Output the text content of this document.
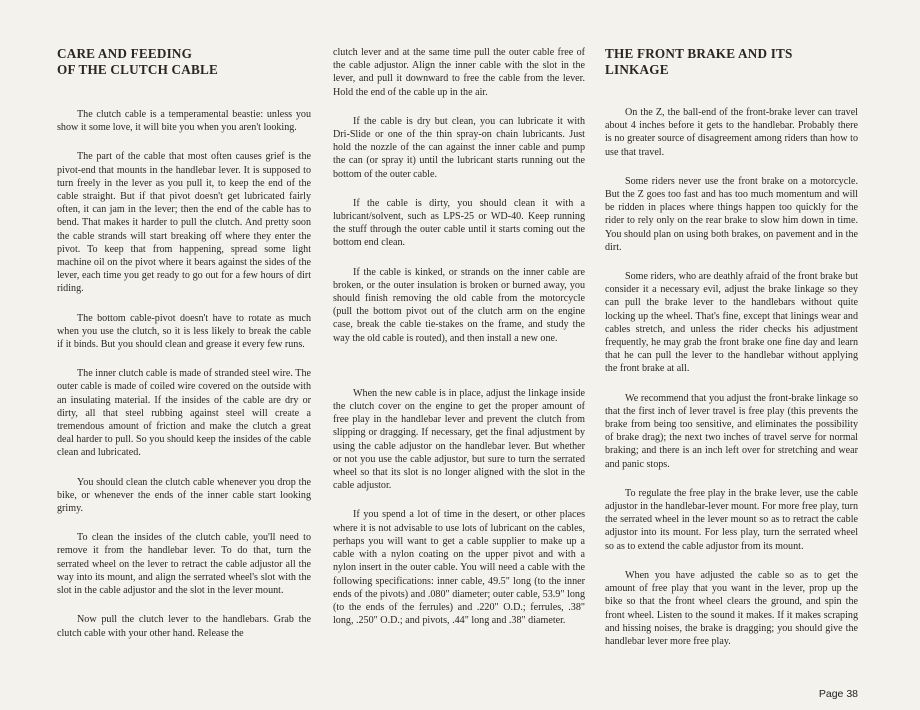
CARE AND FEEDING
OF THE CLUTCH CABLE

The clutch cable is a temperamental beastie: unless you show it some love, it will bite you when you aren't looking.

The part of the cable that most often causes grief is the pivot-end that mounts in the handlebar lever. It is supposed to turn freely in the lever as you pull it, to keep the end of the cable straight. But if that pivot doesn't get lubricated fairly often, it can jam in the lever; then the end of the cable has to bend. That makes it harder to pull the clutch. And pretty soon the cable strands will start breaking off where they enter the pivot. To keep that from happening, spread some light machine oil on the pivot where it bears against the sides of the lever, each time you get ready to go out for a few hours of dirt riding.

The bottom cable-pivot doesn't have to rotate as much when you use the clutch, so it is less likely to break the cable if it binds. But you should clean and grease it every few runs.

The inner clutch cable is made of stranded steel wire. The outer cable is made of coiled wire covered on the outside with an insulating material. If the insides of the cable are dry or dirty, all that steel rubbing against steel will create a tremendous amount of friction and make the clutch a great deal harder to pull. So you should keep the insides of the cable clean and lubricated.

You should clean the clutch cable whenever you drop the bike, or whenever the ends of the inner cable start looking grimy.

To clean the insides of the clutch cable, you'll need to remove it from the handlebar lever. To do that, turn the serrated wheel on the lever to retract the cable adjustor all the way into its mount, and align the serrated wheel's slot with the slot in the cable adjustor and the slot in the lever mount.

Now pull the clutch lever to the handlebars. Grab the clutch cable with your other hand. Release the

clutch lever and at the same time pull the outer cable free of the cable adjustor. Align the inner cable with the slot in the lever, and pull it downward to free the cable from the lever. Hold the end of the cable up in the air.

If the cable is dry but clean, you can lubricate it with Dri-Slide or one of the thin spray-on chain lubricants. Just hold the nozzle of the can against the inner cable and pump the can (or spray it) until the lubricant starts running out the bottom of the outer cable.

If the cable is dirty, you should clean it with a lubricant/solvent, such as LPS-25 or WD-40. Keep running the stuff through the outer cable until it starts coming out the bottom end clean.

If the cable is kinked, or strands on the inner cable are broken, or the outer insulation is broken or burned away, you should finish removing the old cable from the motorcycle (pull the bottom pivot out of the clutch arm on the engine case, break the cable tie-stakes on the frame, and study the way the old cable is routed), and then install a new one.

When the new cable is in place, adjust the linkage inside the clutch cover on the engine to get the proper amount of free play in the handlebar lever and prevent the clutch from slipping or dragging. If necessary, get the final adjustment by using the cable adjustor on the handlebar lever. But whether or not you use the cable adjustor, but sure to turn the serrated wheel so that its slot is no longer aligned with the slot in the cable adjustor.

If you spend a lot of time in the desert, or other places where it is not advisable to use lots of lubricant on the cables, perhaps you will want to get a cable supplier to make up a cable with a nylon coating on the upper pivot and with a nylon insert in the outer cable. You will need a cable with the following specifications: inner cable, 49.5" long (to the inner ends of the pivots) and .080" diameter; outer cable, 53.9" long (to the ends of the ferrules) and .220" O.D.; ferrules, .38" long, .250" O.D.; and pivots, .44" long and .38" diameter.

THE FRONT BRAKE AND ITS LINKAGE

On the Z, the ball-end of the front-brake lever can travel about 4 inches before it gets to the handlebar. Probably there is no greater source of disagreement among riders than how to use that travel.

Some riders never use the front brake on a motorcycle. But the Z goes too fast and has too much momentum and will be ridden in places where things happen too quickly for the rider to rely only on the rear brake to slow him down in time. You should plan on using both brakes, on pavement and in the dirt.

Some riders, who are deathly afraid of the front brake but consider it a necessary evil, adjust the brake linkage so they can pull the brake lever to the handlebars without quite locking up the wheel. That's fine, except that linings wear and cables stretch, and unless the rider checks his adjustment frequently, he may grab the front brake one fine day and learn that he can pull the lever to the handlebar without applying the front brake at all.

We recommend that you adjust the front-brake linkage so that the first inch of lever travel is free play (this prevents the brake from being too sensitive, and eliminates the possibility of brake drag); the next two inches of travel serve for normal braking; and there is an inch left over for stretching and wear and panic stops.

To regulate the free play in the brake lever, use the cable adjustor in the handlebar-lever mount. For more free play, turn the serrated wheel in the lever mount so as to retract the cable adjustor into its mount. For less play, turn the serrated wheel so as to extend the cable adjustor from its mount.

When you have adjusted the cable so as to get the amount of free play that you want in the lever, prop up the bike so that the front wheel clears the ground, and spin the front wheel. Listen to the sound it makes. If it makes scraping and hissing noises, the brake is dragging; you should give the handlebar lever more free play.

Page 38
